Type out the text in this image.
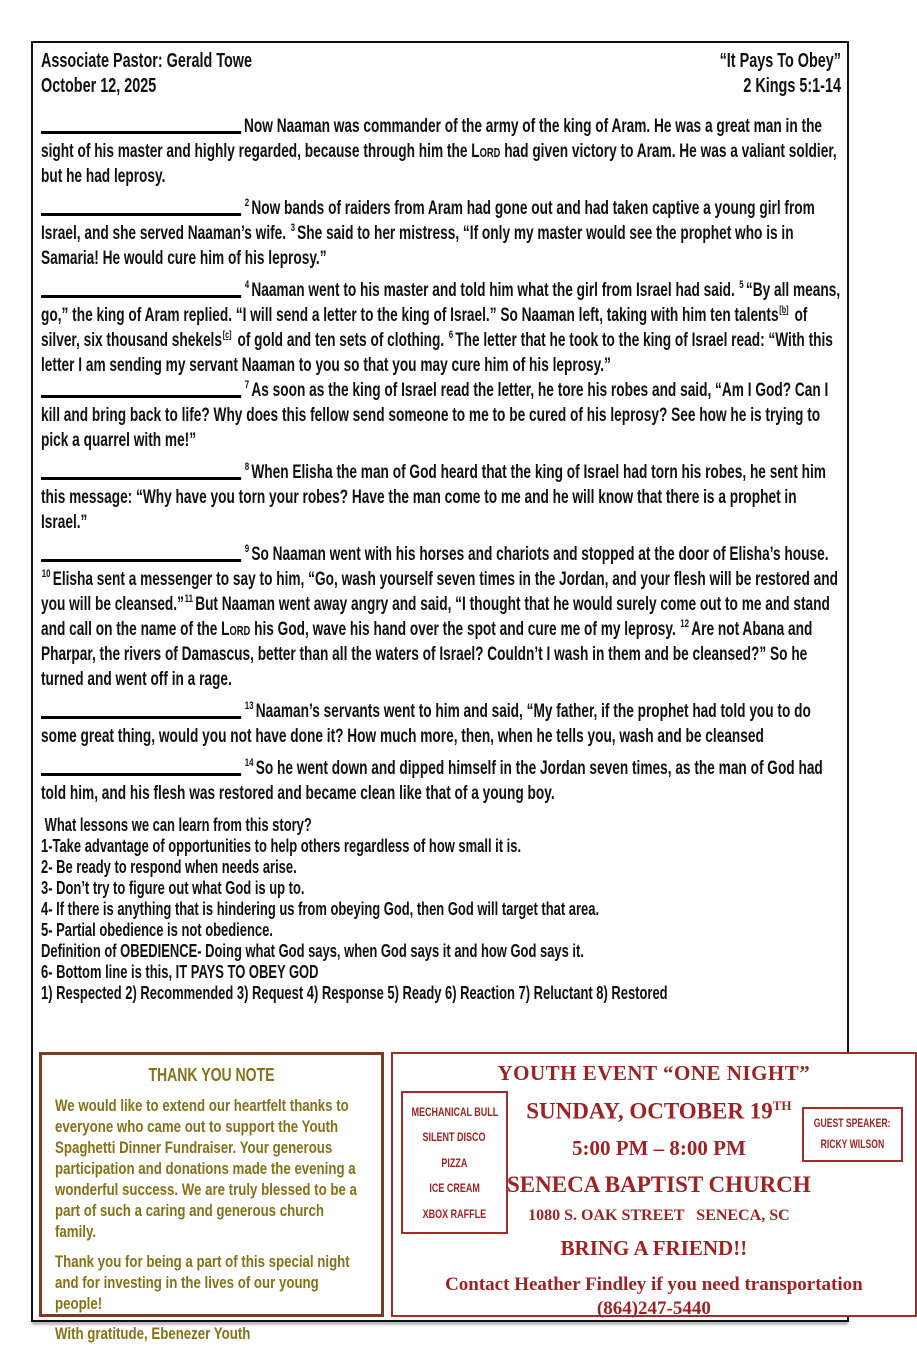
Associate Pastor: Gerald Towe
October 12, 2025
“It Pays To Obey”
2 Kings 5:1-14

Now Naaman was commander of the army of the king of Aram. He was a great man in the sight of his master and highly regarded, because through him the Lord had given victory to Aram. He was a valiant soldier, but he had leprosy.

$^2$ Now bands of raiders from Aram had gone out and had taken captive a young girl from Israel, and she served Naaman’s wife. $^3$ She said to her mistress, “If only my master would see the prophet who is in Samaria! He would cure him of his leprosy.”

$^4$ Naaman went to his master and told him what the girl from Israel had said. $^5$ “By all means, go,” the king of Aram replied. “I will send a letter to the king of Israel.” So Naaman left, taking with him ten talents[b] of silver, six thousand shekels[c] of gold and ten sets of clothing. $^6$ The letter that he took to the king of Israel read: “With this letter I am sending my servant Naaman to you so that you may cure him of his leprosy.”

$^7$ As soon as the king of Israel read the letter, he tore his robes and said, “Am I God? Can I kill and bring back to life? Why does this fellow send someone to me to be cured of his leprosy? See how he is trying to pick a quarrel with me!”

$^8$ When Elisha the man of God heard that the king of Israel had torn his robes, he sent him this message: “Why have you torn your robes? Have the man come to me and he will know that there is a prophet in Israel.”

$^9$ So Naaman went with his horses and chariots and stopped at the door of Elisha’s house. $^{10}$ Elisha sent a messenger to say to him, “Go, wash yourself seven times in the Jordan, and your flesh will be restored and you will be cleansed.”$^{11}$ But Naaman went away angry and said, “I thought that he would surely come out to me and stand and call on the name of the Lord his God, wave his hand over the spot and cure me of my leprosy. $^{12}$ Are not Abana and Pharpar, the rivers of Damascus, better than all the waters of Israel? Couldn’t I wash in them and be cleansed?” So he turned and went off in a rage.

$^{13}$ Naaman’s servants went to him and said, “My father, if the prophet had told you to do some great thing, would you not have done it? How much more, then, when he tells you, wash and be cleansed

$^{14}$ So he went down and dipped himself in the Jordan seven times, as the man of God had told him, and his flesh was restored and became clean like that of a young boy.

What lessons we can learn from this story?
1-Take advantage of opportunities to help others regardless of how small it is.
2- Be ready to respond when needs arise.
3- Don’t try to figure out what God is up to.
4- If there is anything that is hindering us from obeying God, then God will target that area.
5- Partial obedience is not obedience.
Definition of OBEDIENCE- Doing what God says, when God says it and how God says it.
6- Bottom line is this, IT PAYS TO OBEY GOD
1) Respected 2) Recommended 3) Request 4) Response 5) Ready 6) Reaction 7) Reluctant 8) Restored
THANK YOU NOTE

We would like to extend our heartfelt thanks to everyone who came out to support the Youth Spaghetti Dinner Fundraiser. Your generous participation and donations made the evening a wonderful success. We are truly blessed to be a part of such a caring and generous church family.

Thank you for being a part of this special night and for investing in the lives of our young people!

With gratitude, Ebenezer Youth

YOUTH EVENT “ONE NIGHT”
MECHANICAL BULL
SILENT DISCO
PIZZA
ICE CREAM
XBOX RAFFLE
GUEST SPEAKER:
RICKY WILSON
SUNDAY, OCTOBER 19TH
5:00 PM – 8:00 PM
SENECA BAPTIST CHURCH
1080 S. OAK STREET   SENECA, SC
BRING A FRIEND!!
Contact Heather Findley if you need transportation
(864)247-5440
